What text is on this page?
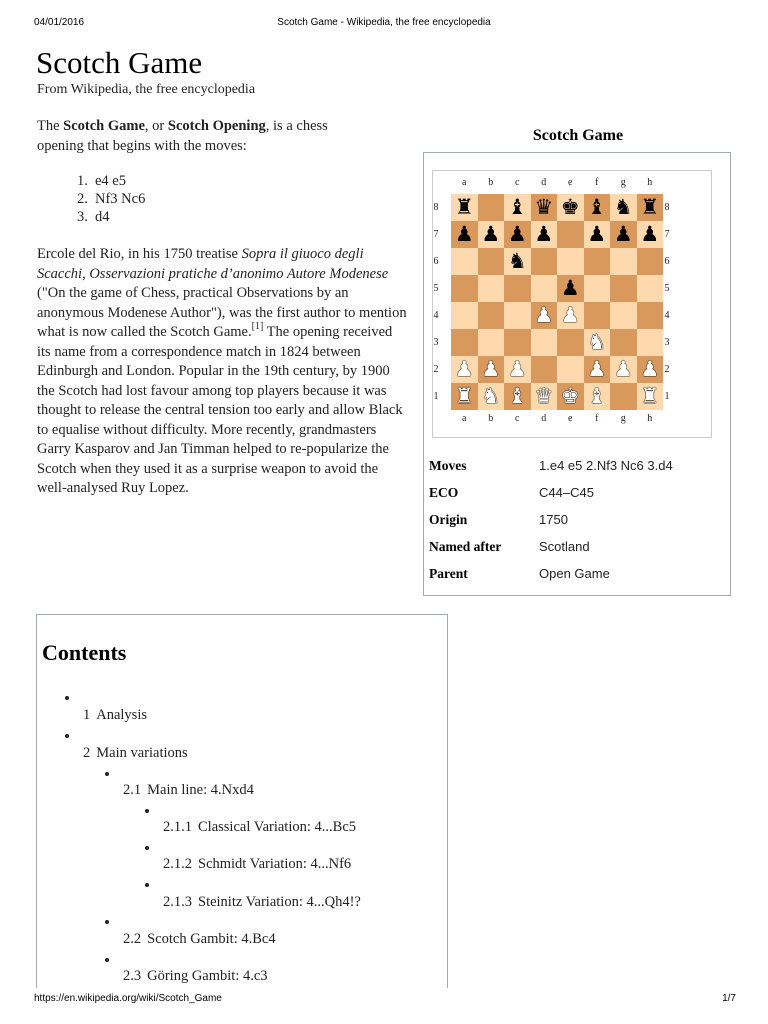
04/01/2016	Scotch Game - Wikipedia, the free encyclopedia
Scotch Game
From Wikipedia, the free encyclopedia

The Scotch Game, or Scotch Opening, is a chess opening that begins with the moves:

1. e4 e5
2. Nf3 Nc6
3. d4

Ercole del Rio, in his 1750 treatise Sopra il giuoco degli Scacchi, Osservazioni pratiche d’anonimo Autore Modenese ("On the game of Chess, practical Observations by an anonymous Modenese Author"), was the first author to mention what is now called the Scotch Game.[1] The opening received its name from a correspondence match in 1824 between Edinburgh and London. Popular in the 19th century, by 1900 the Scotch had lost favour among top players because it was thought to release the central tension too early and allow Black to equalise without difficulty. More recently, grandmasters Garry Kasparov and Jan Timman helped to re-popularize the Scotch when they used it as a surprise weapon to avoid the well-analysed Ruy Lopez.

Scotch Game
a	b	c	d	e	f	g	h
a	b	c	d	e	f	g	h
8
7
6
5
4
3
2
1
8
7
6
5
4
3
2
1
♜ ♝ ♛ ♚ ♝ ♞ ♜
♟ ♟ ♟ ♟ ♟ ♟ ♟
♞
♟
♟ ♟
♞
♟ ♟ ♟	♟ ♟ ♟
♜ ♞ ♝ ♛ ♚ ♝ ♜
Moves	1.e4 e5 2.Nf3 Nc6 3.d4
ECO	C44–C45
Origin	1750
Named after	Scotland
Parent	Open Game
Contents
1 Analysis
2 Main variations
2.1 Main line: 4.Nxd4
2.1.1 Classical Variation: 4...Bc5
2.1.2 Schmidt Variation: 4...Nf6
2.1.3 Steinitz Variation: 4...Qh4!?
2.2 Scotch Gambit: 4.Bc4
2.3 Göring Gambit: 4.c3
https://en.wikipedia.org/wiki/Scotch_Game	1/7
